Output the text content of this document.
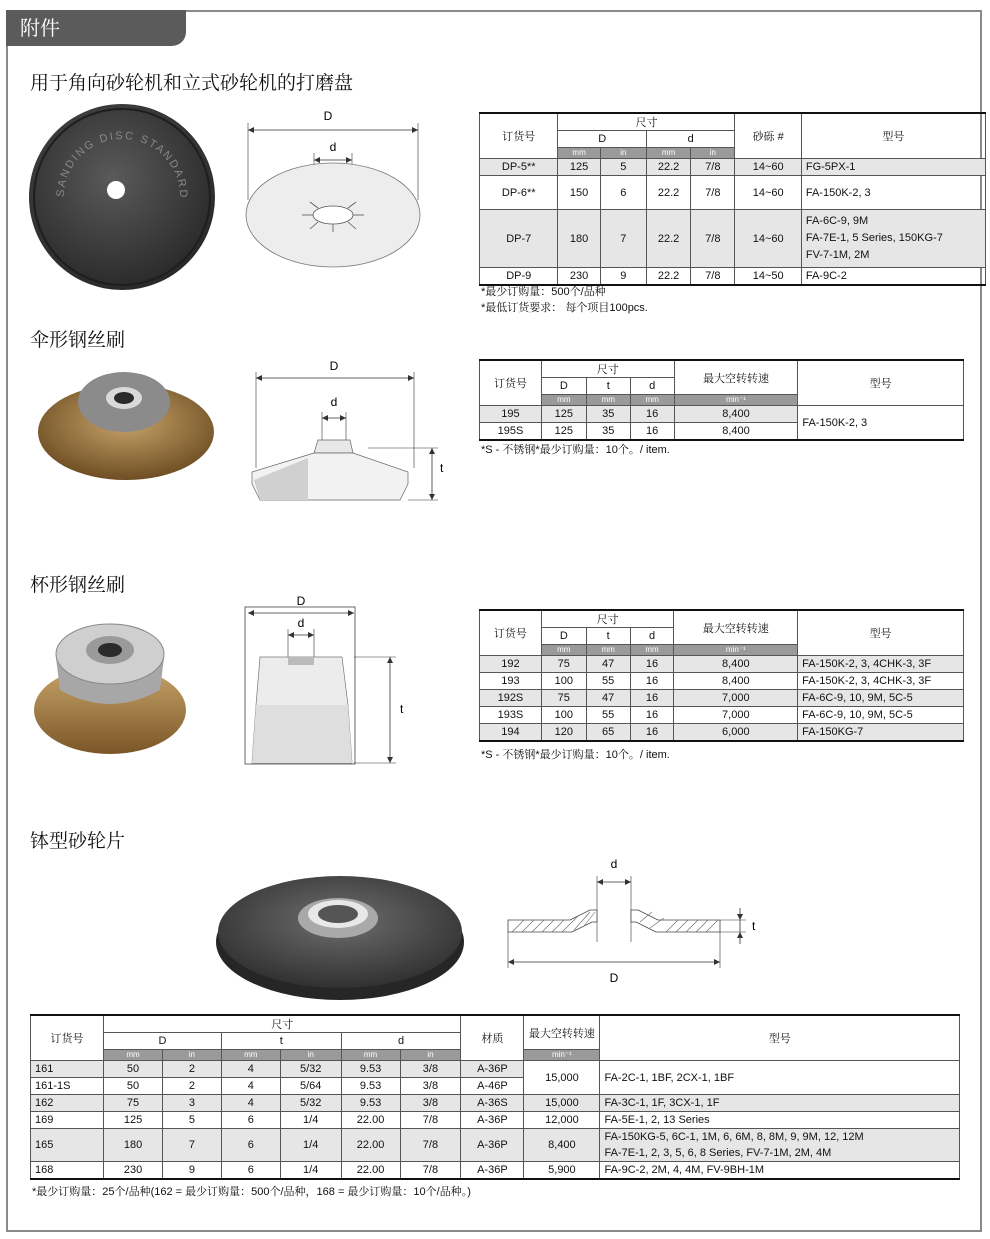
附件
用于角向砂轮机和立式砂轮机的打磨盘
SANDING DISC STANDARD
D
d
订货号	尺寸				砂砾 #	型号
	D		d			
	mm	in	mm	in		
DP-5**	125	5	22.2	7/8	14~60	FG-5PX-1
DP-6**	150	6	22.2	7/8	14~60	FA-150K-2, 3
DP-7	180	7	22.2	7/8	14~60	FA-6C-9, 9M
FA-7E-1, 5 Series, 150KG-7
FV-7-1M, 2M

DP-9	230	9	22.2	7/8	14~50	FA-9C-2
*最少订购量：500个/品种
*最低订货要求： 每个项目100pcs.
伞形钢丝刷
D
d
t
订货号	尺寸			最大空转转速	型号
	D	t	d		
	mm	mm	mm	min⁻¹	
195	125	35	16	8,400	FA-150K-2, 3
195S	125	35	16	8,400	
*S - 不锈钢*最少订购量：10个。/ item.
杯形钢丝刷
D
d
t
订货号	尺寸			最大空转转速	型号
	D	t	d		
	mm	mm	mm	min⁻¹	
192	75	47	16	8,400	FA-150K-2, 3, 4CHK-3, 3F
193	100	55	16	8,400	FA-150K-2, 3, 4CHK-3, 3F
192S	75	47	16	7,000	FA-6C-9, 10, 9M, 5C-5
193S	100	55	16	7,000	FA-6C-9, 10, 9M, 5C-5
194	120	65	16	6,000	FA-150KG-7
*S - 不锈钢*最少订购量：10个。/ item.
钵型砂轮片
d
t
D
订货号	尺寸						材质	最大空转转速	型号
	D		t		d				
	mm	in	mm	in	mm	in		min⁻¹	
161	50	2	4	5/32	9.53	3/8	A-36P	15,000	FA-2C-1, 1BF, 2CX-1, 1BF
161-1S	50	2	4	5/64	9.53	3/8	A-46P		
162	75	3	4	5/32	9.53	3/8	A-36S	15,000	FA-3C-1, 1F, 3CX-1, 1F
169	125	5	6	1/4	22.00	7/8	A-36P	12,000	FA-5E-1, 2, 13 Series
165	180	7	6	1/4	22.00	7/8	A-36P	8,400	FA-150KG-5, 6C-1, 1M, 6, 6M, 8, 8M, 9, 9M, 12, 12M
FA-7E-1, 2, 3, 5, 6, 8 Series, FV-7-1M, 2M, 4M

168	230	9	6	1/4	22.00	7/8	A-36P	5,900	FA-9C-2, 2M, 4, 4M, FV-9BH-1M
*最少订购量：25个/品种(162 = 最少订购量：500个/品种，168 = 最少订购量：10个/品种。)
